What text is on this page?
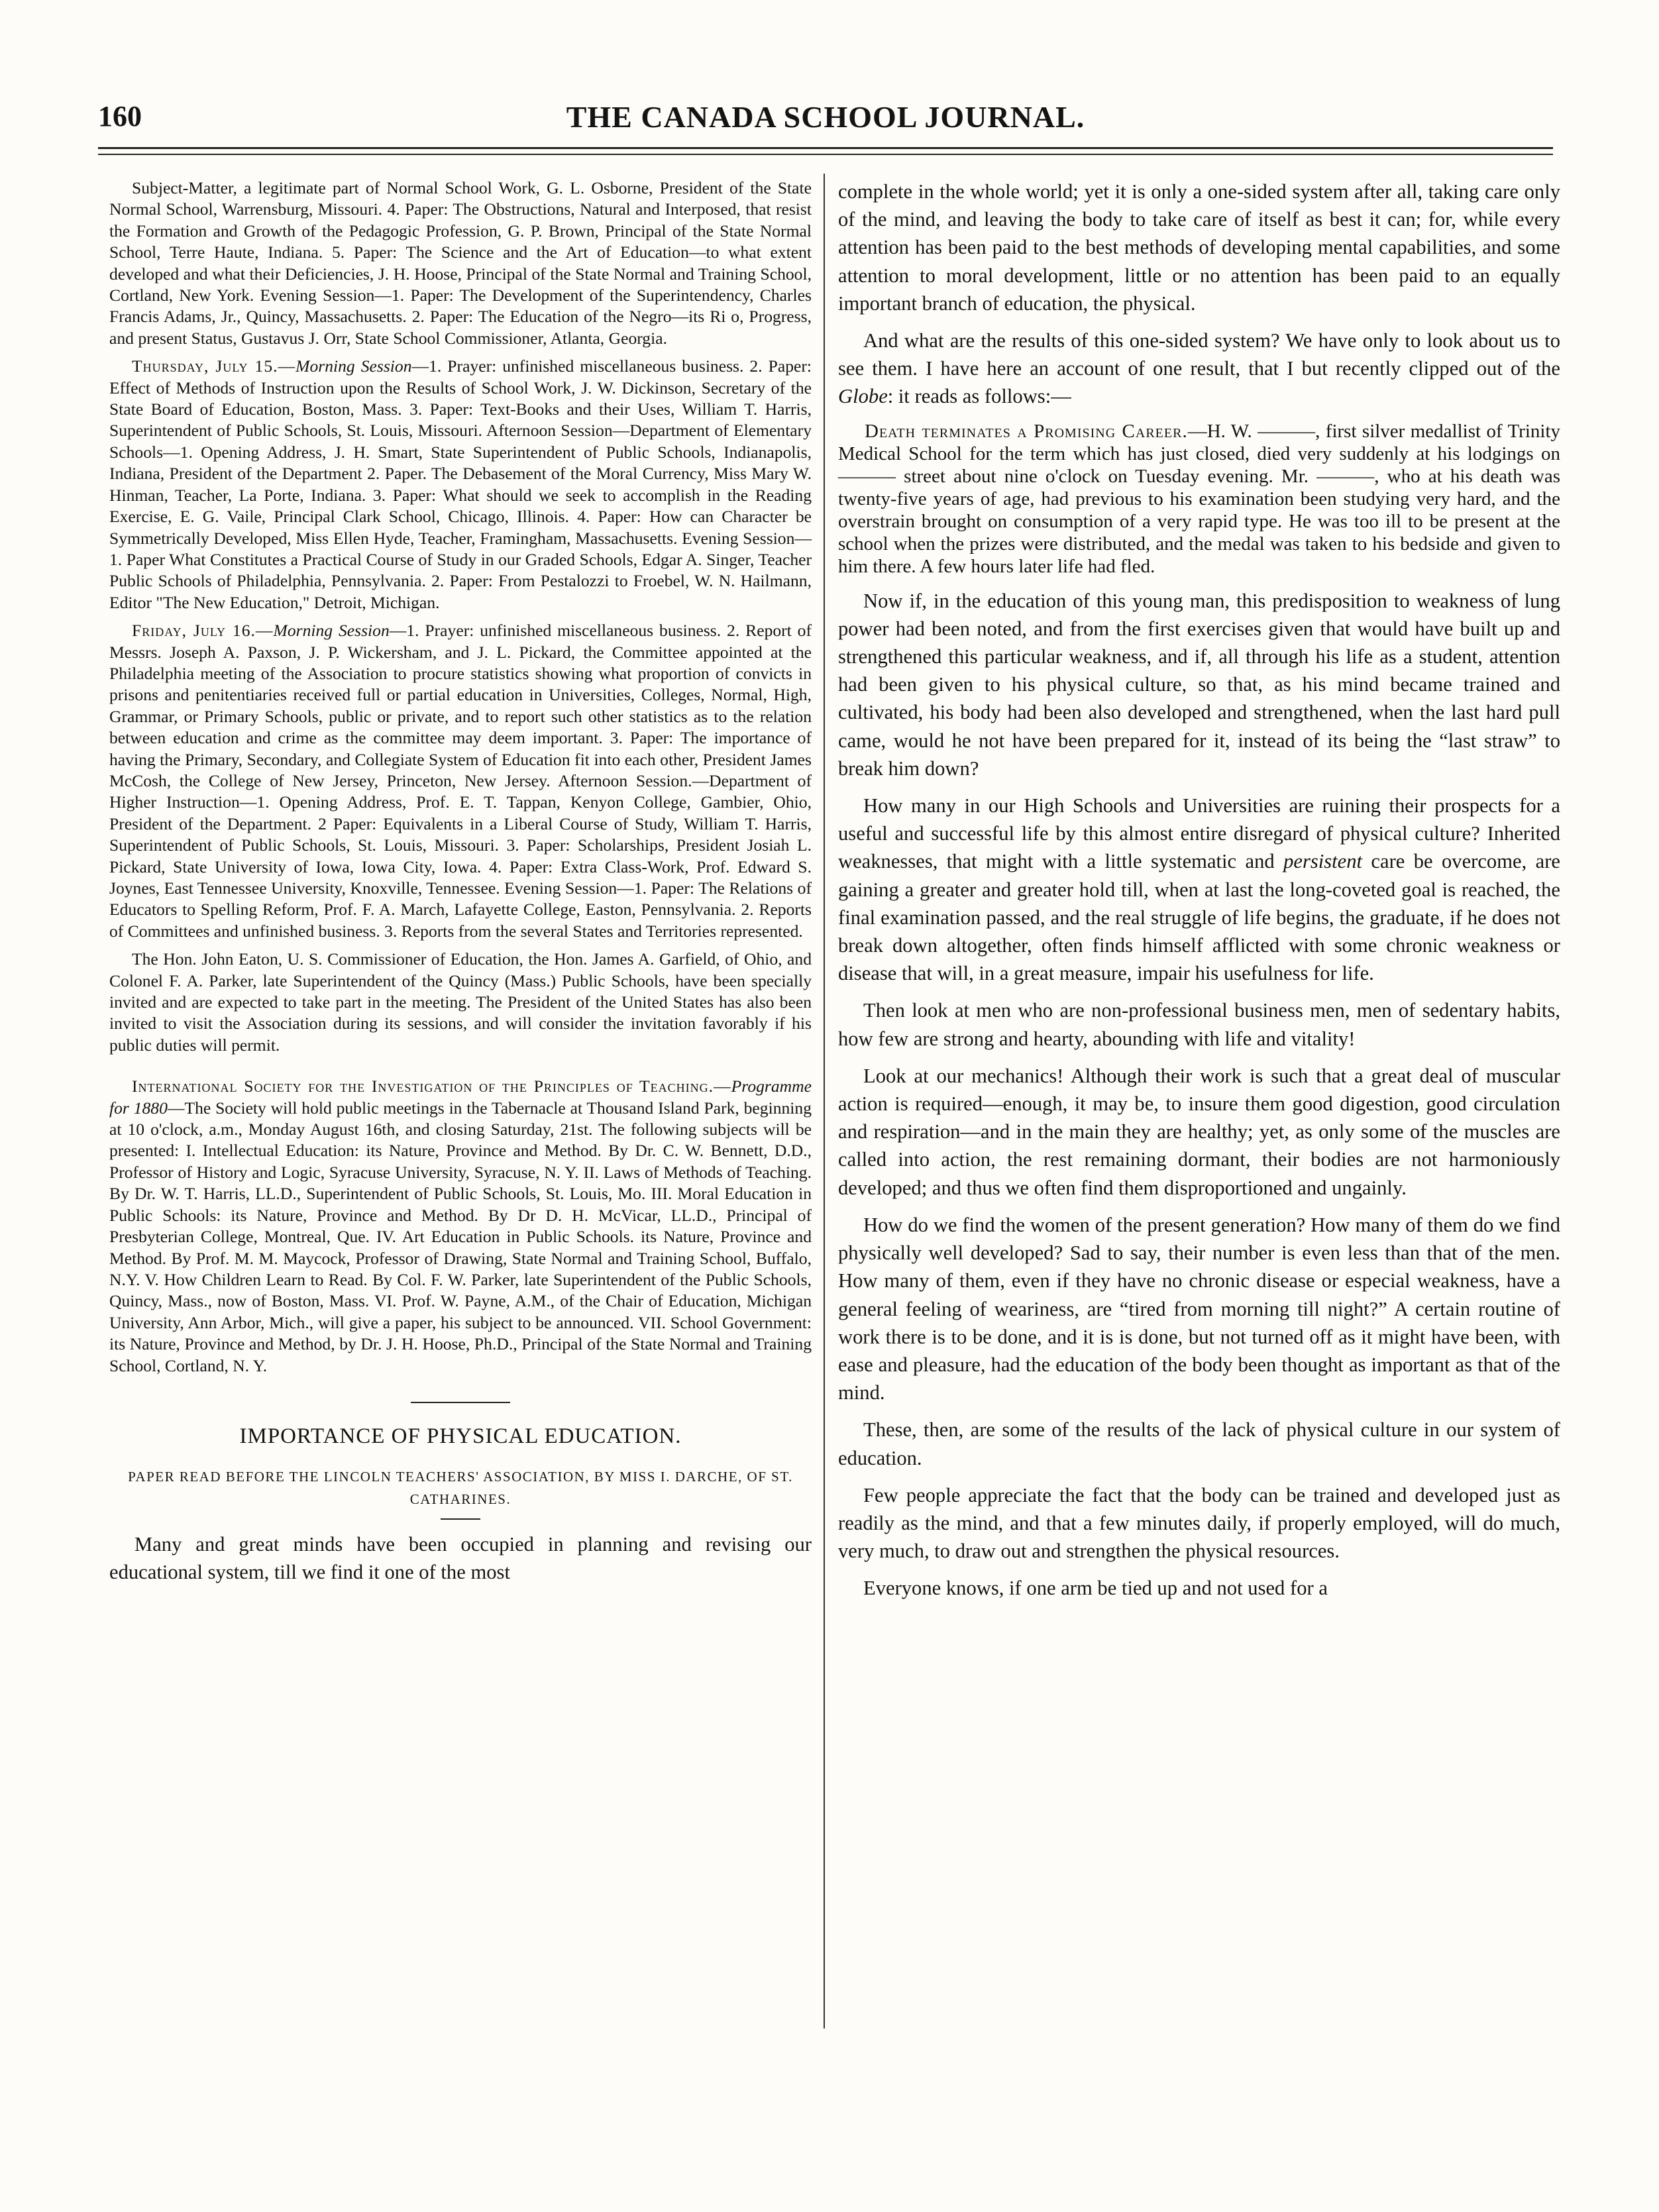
160	THE CANADA SCHOOL JOURNAL.

Subject-Matter, a legitimate part of Normal School Work, G. L. Osborne, President of the State Normal School, Warrensburg, Missouri. 4. Paper: The Obstructions, Natural and Interposed, that resist the Formation and Growth of the Pedagogic Profession, G. P. Brown, Principal of the State Normal School, Terre Haute, Indiana. 5. Paper: The Science and the Art of Education—to what extent developed and what their Deficiencies, J. H. Hoose, Principal of the State Normal and Training School, Cortland, New York. Evening Session—1. Paper: The Development of the Superintendency, Charles Francis Adams, Jr., Quincy, Massachusetts. 2. Paper: The Education of the Negro—its Ri o, Progress, and present Status, Gustavus J. Orr, State School Commissioner, Atlanta, Georgia.

Thursday, July 15.—Morning Session—1. Prayer: unfinished miscellaneous business. 2. Paper: Effect of Methods of Instruction upon the Results of School Work, J. W. Dickinson, Secretary of the State Board of Education, Boston, Mass. 3. Paper: Text-Books and their Uses, William T. Harris, Superintendent of Public Schools, St. Louis, Missouri. Afternoon Session—Department of Elementary Schools—1. Opening Address, J. H. Smart, State Superintendent of Public Schools, Indianapolis, Indiana, President of the Department 2. Paper. The Debasement of the Moral Currency, Miss Mary W. Hinman, Teacher, La Porte, Indiana. 3. Paper: What should we seek to accomplish in the Reading Exercise, E. G. Vaile, Principal Clark School, Chicago, Illinois. 4. Paper: How can Character be Symmetrically Developed, Miss Ellen Hyde, Teacher, Framingham, Massachusetts. Evening Session—1. Paper What Constitutes a Practical Course of Study in our Graded Schools, Edgar A. Singer, Teacher Public Schools of Philadelphia, Pennsylvania. 2. Paper: From Pestalozzi to Froebel, W. N. Hailmann, Editor "The New Education," Detroit, Michigan.

Friday, July 16.—Morning Session—1. Prayer: unfinished miscellaneous business. 2. Report of Messrs. Joseph A. Paxson, J. P. Wickersham, and J. L. Pickard, the Committee appointed at the Philadelphia meeting of the Association to procure statistics showing what proportion of convicts in prisons and penitentiaries received full or partial education in Universities, Colleges, Normal, High, Grammar, or Primary Schools, public or private, and to report such other statistics as to the relation between education and crime as the committee may deem important. 3. Paper: The importance of having the Primary, Secondary, and Collegiate System of Education fit into each other, President James McCosh, the College of New Jersey, Princeton, New Jersey. Afternoon Session.—Department of Higher Instruction—1. Opening Address, Prof. E. T. Tappan, Kenyon College, Gambier, Ohio, President of the Department. 2 Paper: Equivalents in a Liberal Course of Study, William T. Harris, Superintendent of Public Schools, St. Louis, Missouri. 3. Paper: Scholarships, President Josiah L. Pickard, State University of Iowa, Iowa City, Iowa. 4. Paper: Extra Class-Work, Prof. Edward S. Joynes, East Tennessee University, Knoxville, Tennessee. Evening Session—1. Paper: The Relations of Educators to Spelling Reform, Prof. F. A. March, Lafayette College, Easton, Pennsylvania. 2. Reports of Committees and unfinished business. 3. Reports from the several States and Territories represented.

The Hon. John Eaton, U. S. Commissioner of Education, the Hon. James A. Garfield, of Ohio, and Colonel F. A. Parker, late Superintendent of the Quincy (Mass.) Public Schools, have been specially invited and are expected to take part in the meeting. The President of the United States has also been invited to visit the Association during its sessions, and will consider the invitation favorably if his public duties will permit.

International Society for the Investigation of the Principles of Teaching.—Programme for 1880—The Society will hold public meetings in the Tabernacle at Thousand Island Park, beginning at 10 o'clock, a.m., Monday August 16th, and closing Saturday, 21st. The following subjects will be presented: I. Intellectual Education: its Nature, Province and Method. By Dr. C. W. Bennett, D.D., Professor of History and Logic, Syracuse University, Syracuse, N. Y. II. Laws of Methods of Teaching. By Dr. W. T. Harris, LL.D., Superintendent of Public Schools, St. Louis, Mo. III. Moral Education in Public Schools: its Nature, Province and Method. By Dr D. H. McVicar, LL.D., Principal of Presbyterian College, Montreal, Que. IV. Art Education in Public Schools. its Nature, Province and Method. By Prof. M. M. Maycock, Professor of Drawing, State Normal and Training School, Buffalo, N.Y. V. How Children Learn to Read. By Col. F. W. Parker, late Superintendent of the Public Schools, Quincy, Mass., now of Boston, Mass. VI. Prof. W. Payne, A.M., of the Chair of Education, Michigan University, Ann Arbor, Mich., will give a paper, his subject to be announced. VII. School Government: its Nature, Province and Method, by Dr. J. H. Hoose, Ph.D., Principal of the State Normal and Training School, Cortland, N. Y.

IMPORTANCE OF PHYSICAL EDUCATION.
PAPER READ BEFORE THE LINCOLN TEACHERS' ASSOCIATION, BY MISS I. DARCHE, OF ST. CATHARINES.

Many and great minds have been occupied in planning and revising our educational system, till we find it one of the most

complete in the whole world; yet it is only a one-sided system after all, taking care only of the mind, and leaving the body to take care of itself as best it can; for, while every attention has been paid to the best methods of developing mental capabilities, and some attention to moral development, little or no attention has been paid to an equally important branch of education, the physical.

And what are the results of this one-sided system? We have only to look about us to see them. I have here an account of one result, that I but recently clipped out of the Globe: it reads as follows:—

Death terminates a Promising Career.—H. W. ———, first silver medallist of Trinity Medical School for the term which has just closed, died very suddenly at his lodgings on ——— street about nine o'clock on Tuesday evening. Mr. ———, who at his death was twenty-five years of age, had previous to his examination been studying very hard, and the overstrain brought on consumption of a very rapid type. He was too ill to be present at the school when the prizes were distributed, and the medal was taken to his bedside and given to him there. A few hours later life had fled.

Now if, in the education of this young man, this predisposition to weakness of lung power had been noted, and from the first exercises given that would have built up and strengthened this particular weakness, and if, all through his life as a student, attention had been given to his physical culture, so that, as his mind became trained and cultivated, his body had been also developed and strengthened, when the last hard pull came, would he not have been prepared for it, instead of its being the “last straw” to break him down?

How many in our High Schools and Universities are ruining their prospects for a useful and successful life by this almost entire disregard of physical culture? Inherited weaknesses, that might with a little systematic and persistent care be overcome, are gaining a greater and greater hold till, when at last the long-coveted goal is reached, the final examination passed, and the real struggle of life begins, the graduate, if he does not break down altogether, often finds himself afflicted with some chronic weakness or disease that will, in a great measure, impair his usefulness for life.

Then look at men who are non-professional business men, men of sedentary habits, how few are strong and hearty, abounding with life and vitality!

Look at our mechanics! Although their work is such that a great deal of muscular action is required—enough, it may be, to insure them good digestion, good circulation and respiration—and in the main they are healthy; yet, as only some of the muscles are called into action, the rest remaining dormant, their bodies are not harmoniously developed; and thus we often find them disproportioned and ungainly.

How do we find the women of the present generation? How many of them do we find physically well developed? Sad to say, their number is even less than that of the men. How many of them, even if they have no chronic disease or especial weakness, have a general feeling of weariness, are “tired from morning till night?” A certain routine of work there is to be done, and it is is done, but not turned off as it might have been, with ease and pleasure, had the education of the body been thought as important as that of the mind.

These, then, are some of the results of the lack of physical culture in our system of education.

Few people appreciate the fact that the body can be trained and developed just as readily as the mind, and that a few minutes daily, if properly employed, will do much, very much, to draw out and strengthen the physical resources.

Everyone knows, if one arm be tied up and not used for a
